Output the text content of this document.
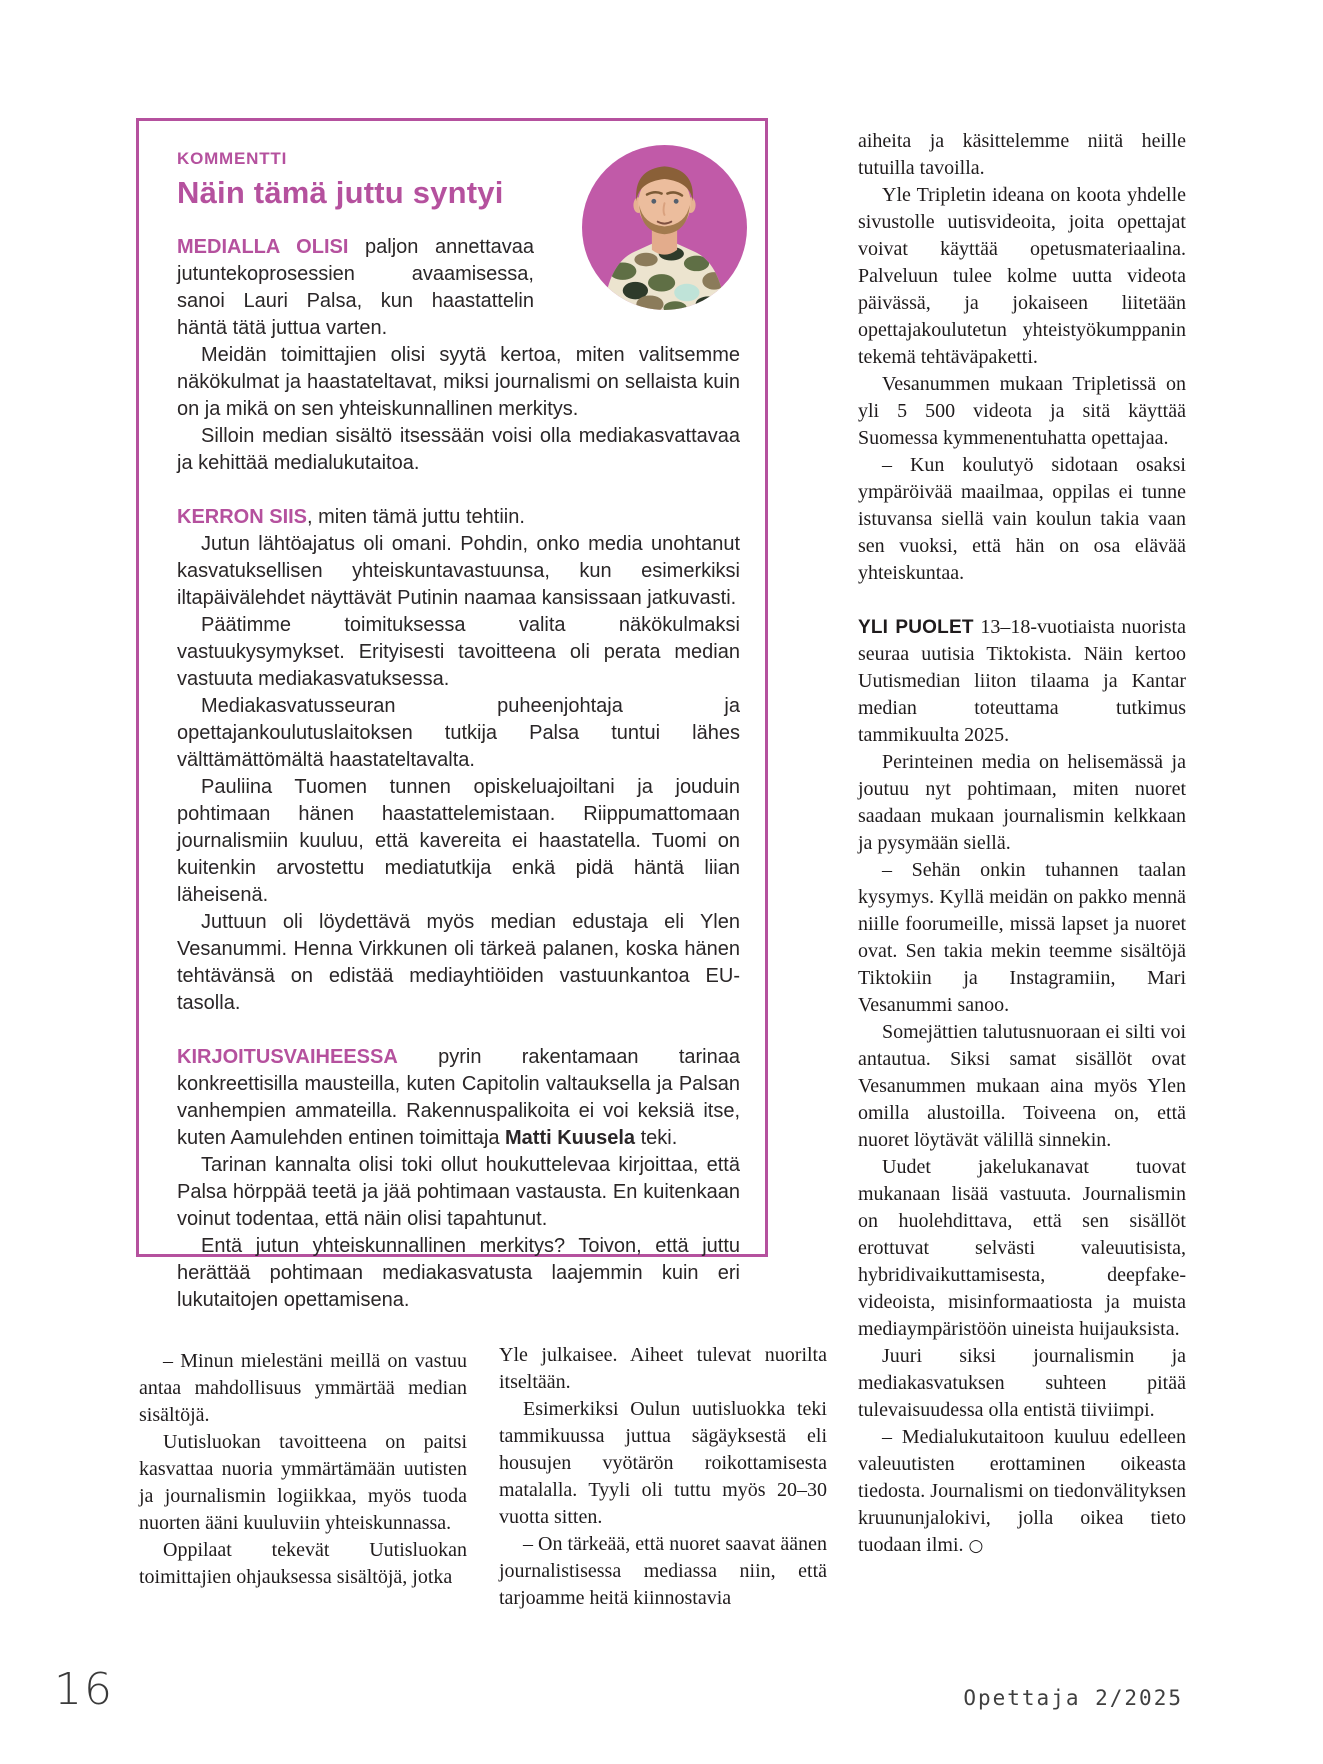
KOMMENTTI
Näin tämä juttu syntyi

MEDIALLA OLISI paljon annettavaa jutuntekoprosessien avaamisessa, sanoi Lauri Palsa, kun haastattelin häntä tätä juttua varten.

Meidän toimittajien olisi syytä kertoa, miten valitsemme näkökulmat ja haastateltavat, miksi journalismi on sellaista kuin on ja mikä on sen yhteiskunnallinen merkitys.

Silloin median sisältö itsessään voisi olla mediakasvattavaa ja kehittää medialukutaitoa.

KERRON SIIS, miten tämä juttu tehtiin.

Jutun lähtöajatus oli omani. Pohdin, onko media unohtanut kasvatuksellisen yhteiskuntavastuunsa, kun esimerkiksi iltapäivälehdet näyttävät Putinin naamaa kansissaan jatkuvasti.

Päätimme toimituksessa valita näkökulmaksi vastuukysymykset. Erityisesti tavoitteena oli perata median vastuuta mediakasvatuksessa.

Mediakasvatusseuran puheenjohtaja ja opettajankoulutuslaitoksen tutkija Palsa tuntui lähes välttämättömältä haastateltavalta.

Pauliina Tuomen tunnen opiskeluajoiltani ja jouduin pohtimaan hänen haastattelemistaan. Riippumattomaan journalismiin kuuluu, että kavereita ei haastatella. Tuomi on kuitenkin arvostettu mediatutkija enkä pidä häntä liian läheisenä.

Juttuun oli löydettävä myös median edustaja eli Ylen Vesanummi. Henna Virkkunen oli tärkeä palanen, koska hänen tehtävänsä on edistää mediayhtiöiden vastuunkantoa EU-tasolla.

KIRJOITUSVAIHEESSA pyrin rakentamaan tarinaa konkreettisilla mausteilla, kuten Capitolin valtauksella ja Palsan vanhempien ammateilla. Rakennuspalikoita ei voi keksiä itse, kuten Aamulehden entinen toimittaja Matti Kuusela teki.

Tarinan kannalta olisi toki ollut houkuttelevaa kirjoittaa, että Palsa hörppää teetä ja jää pohtimaan vastausta. En kuitenkaan voinut todentaa, että näin olisi tapahtunut.

Entä jutun yhteiskunnallinen merkitys? Toivon, että juttu herättää pohtimaan mediakasvatusta laajemmin kuin eri lukutaitojen opettamisena.

aiheita ja käsittelemme niitä heille tutuilla tavoilla.

Yle Tripletin ideana on koota yhdelle sivustolle uutisvideoita, joita opettajat voivat käyttää opetusmateriaalina. Palveluun tulee kolme uutta videota päivässä, ja jokaiseen liitetään opettajakoulutetun yhteistyökumppanin tekemä tehtäväpaketti.

Vesanummen mukaan Tripletissä on yli 5 500 videota ja sitä käyttää Suomessa kymmenentuhatta opettajaa.

– Kun koulutyö sidotaan osaksi ympäröivää maailmaa, oppilas ei tunne istuvansa siellä vain koulun takia vaan sen vuoksi, että hän on osa elävää yhteiskuntaa.

YLI PUOLET 13–18-vuotiaista nuorista seuraa uutisia Tiktokista. Näin kertoo Uutismedian liiton tilaama ja Kantar median toteuttama tutkimus tammikuulta 2025.

Perinteinen media on helisemässä ja joutuu nyt pohtimaan, miten nuoret saadaan mukaan journalismin kelkkaan ja pysymään siellä.

– Sehän onkin tuhannen taalan kysymys. Kyllä meidän on pakko mennä niille foorumeille, missä lapset ja nuoret ovat. Sen takia mekin teemme sisältöjä Tiktokiin ja Instagramiin, Mari Vesanummi sanoo.

Somejättien talutusnuoraan ei silti voi antautua. Siksi samat sisällöt ovat Vesanummen mukaan aina myös Ylen omilla alustoilla. Toiveena on, että nuoret löytävät välillä sinnekin.

Uudet jakelukanavat tuovat mukanaan lisää vastuuta. Journalismin on huolehdittava, että sen sisällöt erottuvat selvästi valeuutisista, hybridivaikuttamisesta, deepfake-videoista, misinformaatiosta ja muista mediaympäristöön uineista huijauksista.

Juuri siksi journalismin ja mediakasvatuksen suhteen pitää tulevaisuudessa olla entistä tiiviimpi.

– Medialukutaitoon kuuluu edelleen valeuutisten erottaminen oikeasta tiedosta. Journalismi on tiedonvälityksen kruununjalokivi, jolla oikea tieto tuodaan ilmi. ○

– Minun mielestäni meillä on vastuu antaa mahdollisuus ymmärtää median sisältöjä.

Uutisluokan tavoitteena on paitsi kasvattaa nuoria ymmärtämään uutisten ja journalismin logiikkaa, myös tuoda nuorten ääni kuuluviin yhteiskunnassa.

Oppilaat tekevät Uutisluokan toimittajien ohjauksessa sisältöjä, jotka

Yle julkaisee. Aiheet tulevat nuorilta itseltään.

Esimerkiksi Oulun uutisluokka teki tammikuussa juttua sägäyksestä eli housujen vyötärön roikottamisesta matalalla. Tyyli oli tuttu myös 20–30 vuotta sitten.

– On tärkeää, että nuoret saavat äänen journalistisessa mediassa niin, että tarjoamme heitä kiinnostavia

16	Opettaja 2/2025
